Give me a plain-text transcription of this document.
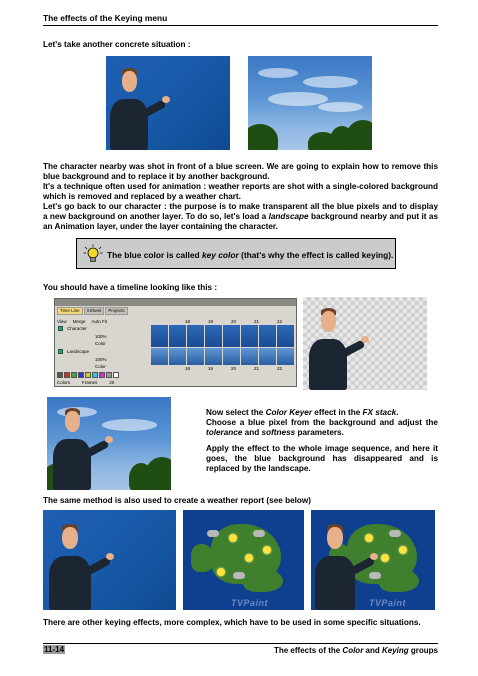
The effects of the Keying menu
Let's take another concrete situation :
The character nearby was shot in front of a blue screen. We are going to explain how to remove this blue background and to replace it by another background.
It's a technique often used for animation : weather reports are shot with a single-colored background which is removed and replaced by a weather chart.
Let's go back to our character : the purpose is to make transparent all the blue pixels and to display a new background on another layer. To do so, let's load a landscape background nearby and put it as an Animation layer, under the layer containing the character.
The blue color is called key color (that's why the effect is called keying).
You should have a timeline looking like this :
Time Line	XSheet	Projects
View Merge Auto Fit	18	19	20	21	22
Character
100%
Color
Landscape
100%
Color	18	19	20	21	22
Colors	Frames	20
Now select the Color Keyer effect in the FX stack.
Choose a blue pixel from the background and adjust the tolerance and softness parameters.
Apply the effect to the whole image sequence, and here it goes, the blue background has disappeared and is replaced by the landscape.
The same method is also used to create a weather report (see below)
TVPaint	TVPaint
There are other keying effects, more complex, which have to be used in some specific situations.
11-14	The effects of the Color and Keying groups
